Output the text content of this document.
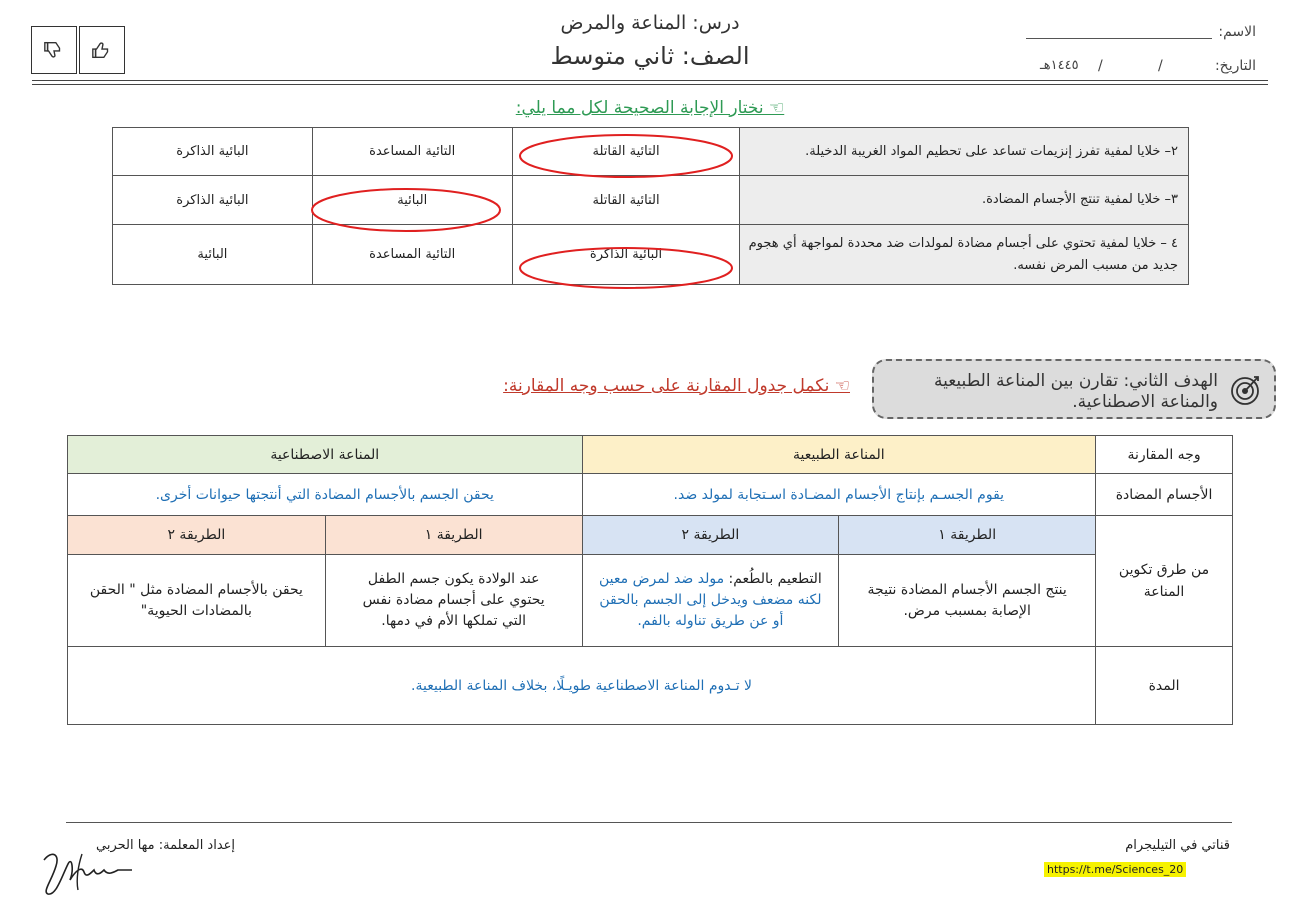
درس: المناعة والمرض
الصف: ثاني متوسط
الاسم:
التاريخ:
/
/
١٤٤٥هـ
☜ نختار الإجابة الصحيحة لكل مما يلي:
البائية الذاكرة	التائية المساعدة	التائية القاتلة	٢– خلايا لمفية تفرز إنزيمات تساعد على تحطيم المواد الغريبة الدخيلة.
البائية الذاكرة	البائية	التائية القاتلة	٣– خلايا لمفية تنتج الأجسام المضادة.
البائية	التائية المساعدة	البائية الذاكرة	٤ – خلايا لمفية تحتوي على أجسام مضادة لمولدات ضد محددة لمواجهة أي هجوم جديد من مسبب المرض نفسه.
الهدف الثاني: تقارن بين المناعة الطبيعية والمناعة الاصطناعية.
☜ نكمل جدول المقارنة على حسب وجه المقارنة:
المناعة الاصطناعية		المناعة الطبيعية		وجه المقارنة
يحقن الجسم بالأجسام المضادة التي أنتجتها حيوانات أخرى.		يقوم الجسـم بإنتاج الأجسام المضـادة اسـتجابة لمولد ضد.		الأجسام المضادة
الطريقة ٢	الطريقة ١	الطريقة ٢	الطريقة ١	من طرق تكوين المناعة
يحقن بالأجسام المضادة مثل " الحقن بالمضادات الحيوية"	عند الولادة يكون جسم الطفل يحتوي على أجسام مضادة نفس التي تملكها الأم في دمها.	التطعيم بالطُعم: مولد ضد لمرض معين لكنه مضعف ويدخل إلى الجسم بالحقن أو عن طريق تناوله بالفم.	ينتج الجسم الأجسام المضادة نتيجة الإصابة بمسبب مرض.	
لا تـدوم المناعة الاصطناعية طويـلًا، بخلاف المناعة الطبيعية.				المدة
قناتي في التيليجرام
https://t.me/Sciences_20
إعداد المعلمة: مها الحربي
